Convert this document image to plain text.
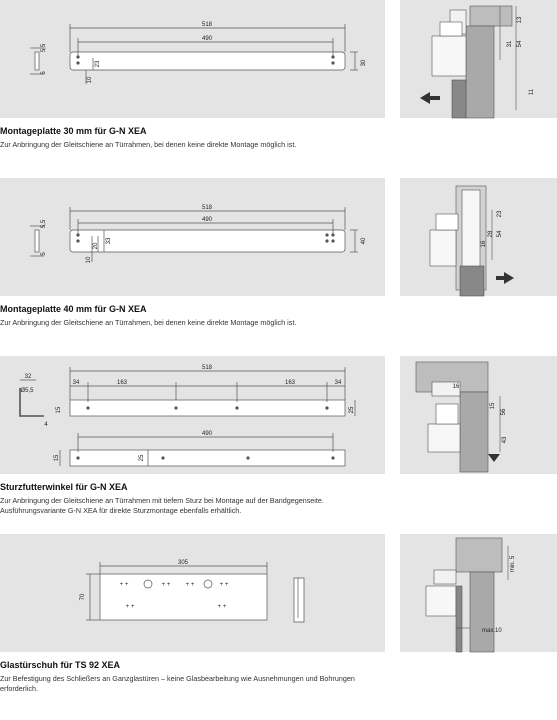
518
490
30
23
10
5,5
5
13
31 54
11
518
490
40
10
20
33
5,5
5
23
16
28 54
518
34	163	163	34
490
15	25
15	25
32
Ø5,5
4
16
15
56
43
+ +	+ +	+ +	+ +
+ +	+ +
305
70
min. 5
max.10
Montageplatte 30 mm für G-N XEA
Zur Anbringung der Gleitschiene an Türrahmen, bei denen keine direkte Montage möglich ist.
Montageplatte 40 mm für G-N XEA
Zur Anbringung der Gleitschiene an Türrahmen, bei denen keine direkte Montage möglich ist.
Sturzfutterwinkel für G-N XEA
Zur Anbringung der Gleitschiene an Türrahmen mit tiefem Sturz bei Montage auf der Bandgegenseite. Ausführungsvariante G-N XEA für direkte Sturzmontage ebenfalls erhältlich.
Glastürschuh für TS 92 XEA
Zur Befestigung des Schließers an Ganzglastüren – keine Glasbearbeitung wie Ausnehmungen und Bohrungen erforderlich.
